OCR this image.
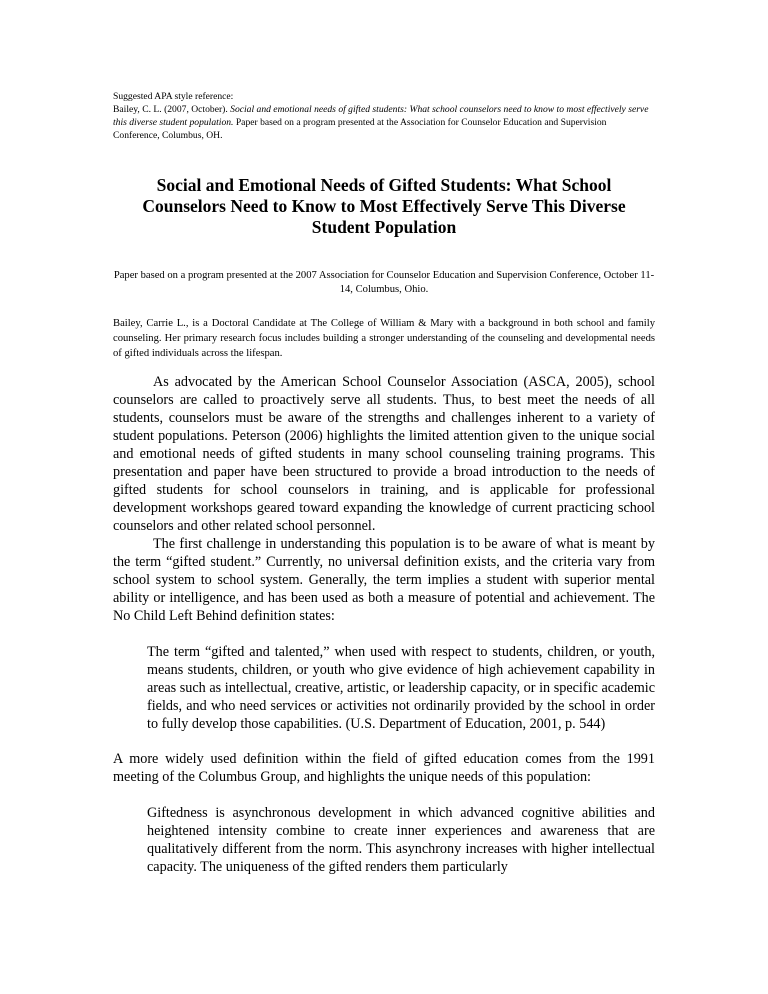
Suggested APA style reference:
Bailey, C. L. (2007, October). Social and emotional needs of gifted students: What school counselors need to know to most effectively serve this diverse student population. Paper based on a program presented at the Association for Counselor Education and Supervision Conference, Columbus, OH.
Social and Emotional Needs of Gifted Students: What School Counselors Need to Know to Most Effectively Serve This Diverse Student Population
Paper based on a program presented at the 2007 Association for Counselor Education and Supervision Conference, October 11-14, Columbus, Ohio.
Bailey, Carrie L., is a Doctoral Candidate at The College of William & Mary with a background in both school and family counseling. Her primary research focus includes building a stronger understanding of the counseling and developmental needs of gifted individuals across the lifespan.

As advocated by the American School Counselor Association (ASCA, 2005), school counselors are called to proactively serve all students. Thus, to best meet the needs of all students, counselors must be aware of the strengths and challenges inherent to a variety of student populations. Peterson (2006) highlights the limited attention given to the unique social and emotional needs of gifted students in many school counseling training programs. This presentation and paper have been structured to provide a broad introduction to the needs of gifted students for school counselors in training, and is applicable for professional development workshops geared toward expanding the knowledge of current practicing school counselors and other related school personnel.

The first challenge in understanding this population is to be aware of what is meant by the term “gifted student.” Currently, no universal definition exists, and the criteria vary from school system to school system. Generally, the term implies a student with superior mental ability or intelligence, and has been used as both a measure of potential and achievement. The No Child Left Behind definition states:

The term “gifted and talented,” when used with respect to students, children, or youth, means students, children, or youth who give evidence of high achievement capability in areas such as intellectual, creative, artistic, or leadership capacity, or in specific academic fields, and who need services or activities not ordinarily provided by the school in order to fully develop those capabilities. (U.S. Department of Education, 2001, p. 544)

A more widely used definition within the field of gifted education comes from the 1991 meeting of the Columbus Group, and highlights the unique needs of this population:

Giftedness is asynchronous development in which advanced cognitive abilities and heightened intensity combine to create inner experiences and awareness that are qualitatively different from the norm. This asynchrony increases with higher intellectual capacity. The uniqueness of the gifted renders them particularly
